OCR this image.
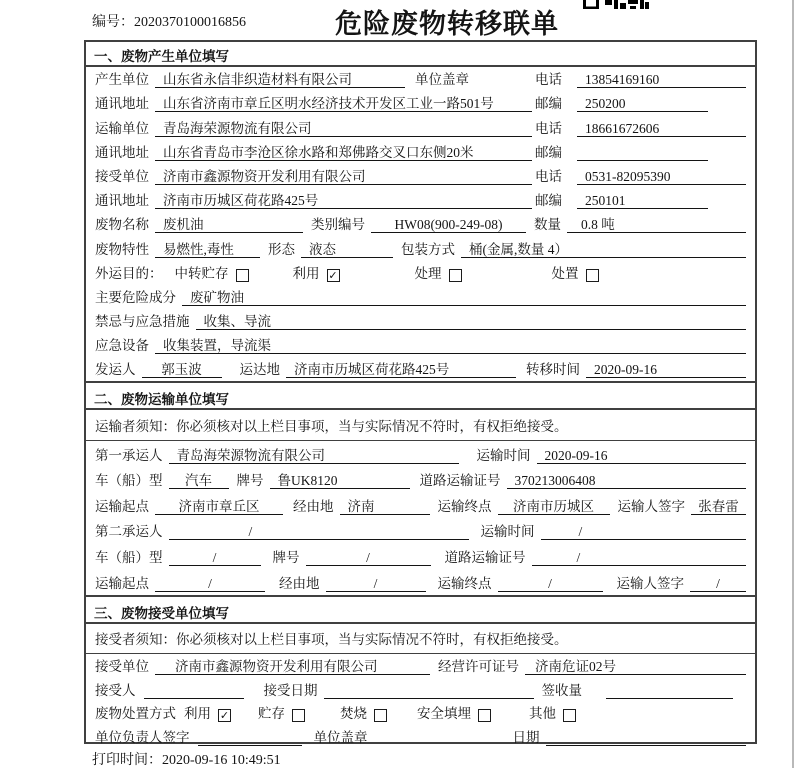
编号：2020370100016856	危险废物转移联单
一、废物产生单位填写
产生单位	山东省永信非织造材料有限公司	单位盖章	电话	13854169160
通讯地址	山东省济南市章丘区明水经济技术开发区工业一路501号	邮编	250200
运输单位	青岛海荣源物流有限公司	电话	18661672606
通讯地址	山东省青岛市李沧区徐水路和郑佛路交叉口东侧20米	邮编
接受单位	济南市鑫源物资开发利用有限公司	电话	0531-82095390
通讯地址	济南市历城区荷花路425号	邮编	250101
废物名称	废机油	类别编号	HW08(900-249-08)	数量	0.8 吨
废物特性	易燃性,毒性	形态	液态	包装方式	桶(金属,数量 4）
外运目的： 中转贮存	利用 ✓	处理	处置
主要危险成分	废矿物油
禁忌与应急措施	收集、导流
应急设备	收集装置，导流渠
发运人	郭玉波	运达地	济南市历城区荷花路425号	转移时间	2020-09-16
二、废物运输单位填写
运输者须知：你必须核对以上栏目事项，当与实际情况不符时，有权拒绝接受。
第一承运人	青岛海荣源物流有限公司	运输时间	2020-09-16
车（船）型	汽车	牌号	鲁UK8120	道路运输证号	370213006408
运输起点	济南市章丘区	经由地	济南	运输终点	济南市历城区	运输人签字 张春雷
第二承运人	/	运输时间	/
车（船）型	/	牌号	/	道路运输证号	/
运输起点	/	经由地	/	运输终点	/	运输人签字	/
三、废物接受单位填写
接受者须知：你必须核对以上栏目事项，当与实际情况不符时，有权拒绝接受。
接受单位	济南市鑫源物资开发利用有限公司	经营许可证号	济南危证02号
接受人	接受日期	签收量
废物处置方式 利用 ✓ 贮存	焚烧	安全填埋	其他
单位负责人签字	单位盖章	日期
打印时间：2020-09-16 10:49:51
